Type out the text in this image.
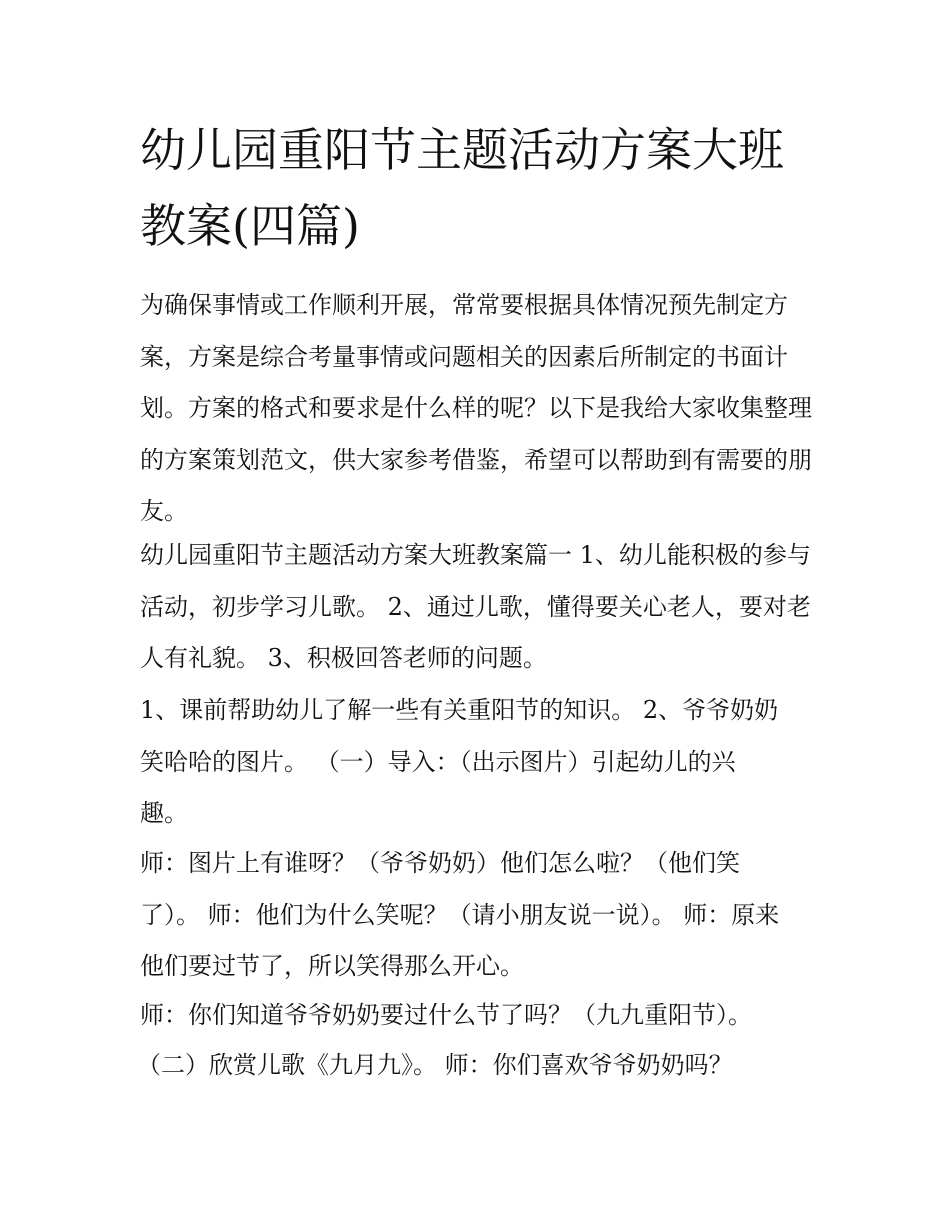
幼儿园重阳节主题活动方案大班教案(四篇)

为确保事情或工作顺利开展，常常要根据具体情况预先制定方案，方案是综合考量事情或问题相关的因素后所制定的书面计划。方案的格式和要求是什么样的呢？以下是我给大家收集整理的方案策划范文，供大家参考借鉴，希望可以帮助到有需要的朋友。

幼儿园重阳节主题活动方案大班教案篇一 1、幼儿能积极的参与活动，初步学习儿歌。 2、通过儿歌，懂得要关心老人，要对老人有礼貌。 3、积极回答老师的问题。

1、课前帮助幼儿了解一些有关重阳节的知识。 2、爷爷奶奶笑哈哈的图片。 （一）导入：（出示图片）引起幼儿的兴趣。

师：图片上有谁呀？（爷爷奶奶）他们怎么啦？（他们笑了）。 师：他们为什么笑呢？（请小朋友说一说）。 师：原来他们要过节了，所以笑得那么开心。

师：你们知道爷爷奶奶要过什么节了吗？（九九重阳节）。

（二）欣赏儿歌《九月九》。 师：你们喜欢爷爷奶奶吗？
